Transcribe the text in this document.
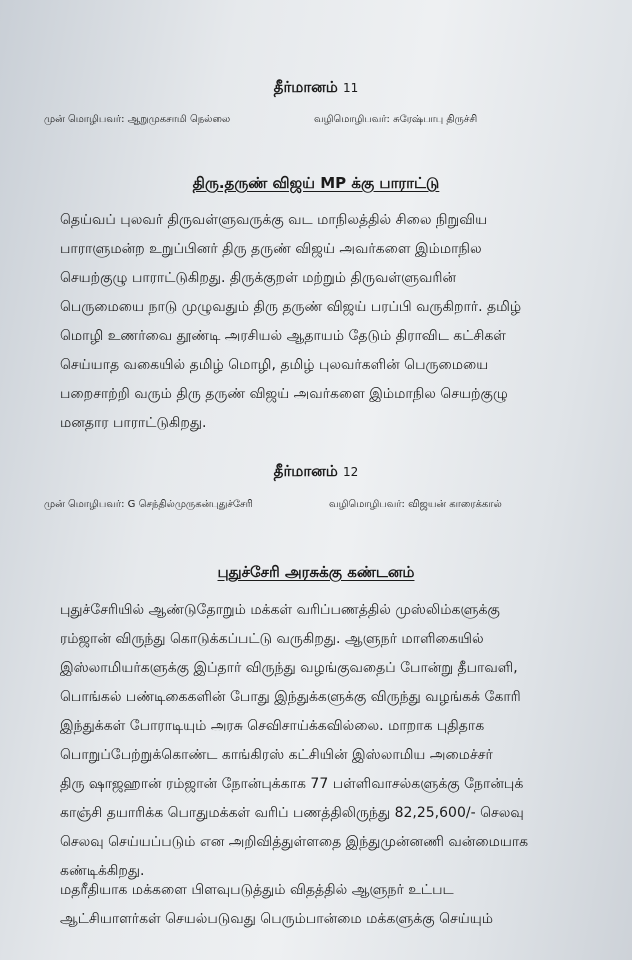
தீர்மானம் 11
முன் மொழிபவர்: ஆறுமுகசாமி நெல்லை	வழிமொழிபவர்: சுரேஷ்பாபு திருச்சி
திரு.தருண் விஜய் MP க்கு பாராட்டு
தெய்வப் புலவர் திருவள்ளுவருக்கு வட மாநிலத்தில் சிலை நிறுவிய
பாராளுமன்ற உறுப்பினர் திரு தருண் விஜய் அவர்களை இம்மாநில
செயற்குழு பாராட்டுகிறது. திருக்குறள் மற்றும் திருவள்ளுவரின்
பெருமையை நாடு முழுவதும் திரு தருண் விஜய் பரப்பி வருகிறார். தமிழ்
மொழி உணர்வை தூண்டி அரசியல் ஆதாயம் தேடும் திராவிட கட்சிகள்
செய்யாத வகையில் தமிழ் மொழி, தமிழ் புலவர்களின் பெருமையை
பறைசாற்றி வரும் திரு தருண் விஜய் அவர்களை இம்மாநில செயற்குழு
மனதார பாராட்டுகிறது.
தீர்மானம் 12
முன் மொழிபவர்: G செந்தில்முருகன்புதுச்சேரி	வழிமொழிபவர்: விஜயன் காரைக்கால்
புதுச்சேரி அரசுக்கு கண்டனம்
புதுச்சேரியில் ஆண்டுதோறும் மக்கள் வரிப்பணத்தில் முஸ்லிம்களுக்கு
ரம்ஜான் விருந்து கொடுக்கப்பட்டு வருகிறது. ஆளுநர் மாளிகையில்
இஸ்லாமியர்களுக்கு இப்தார் விருந்து வழங்குவதைப் போன்று தீபாவளி,
பொங்கல் பண்டிகைகளின் போது இந்துக்களுக்கு விருந்து வழங்கக் கோரி
இந்துக்கள் போராடியும் அரசு செவிசாய்க்கவில்லை. மாறாக புதிதாக
பொறுப்பேற்றுக்கொண்ட காங்கிரஸ் கட்சியின் இஸ்லாமிய அமைச்சர்
திரு ஷாஜஹான் ரம்ஜான் நோன்புக்காக 77 பள்ளிவாசல்களுக்கு நோன்புக்
காஞ்சி தயாரிக்க பொதுமக்கள் வரிப் பணத்திலிருந்து 82,25,600/- செலவு
செலவு செய்யப்படும் என அறிவித்துள்ளதை இந்துமுன்னணி வன்மையாக
கண்டிக்கிறது.
மதரீதியாக மக்களை பிளவுபடுத்தும் விதத்தில் ஆளுநர் உட்பட
ஆட்சியாளர்கள் செயல்படுவது பெரும்பான்மை மக்களுக்கு செய்யும்
